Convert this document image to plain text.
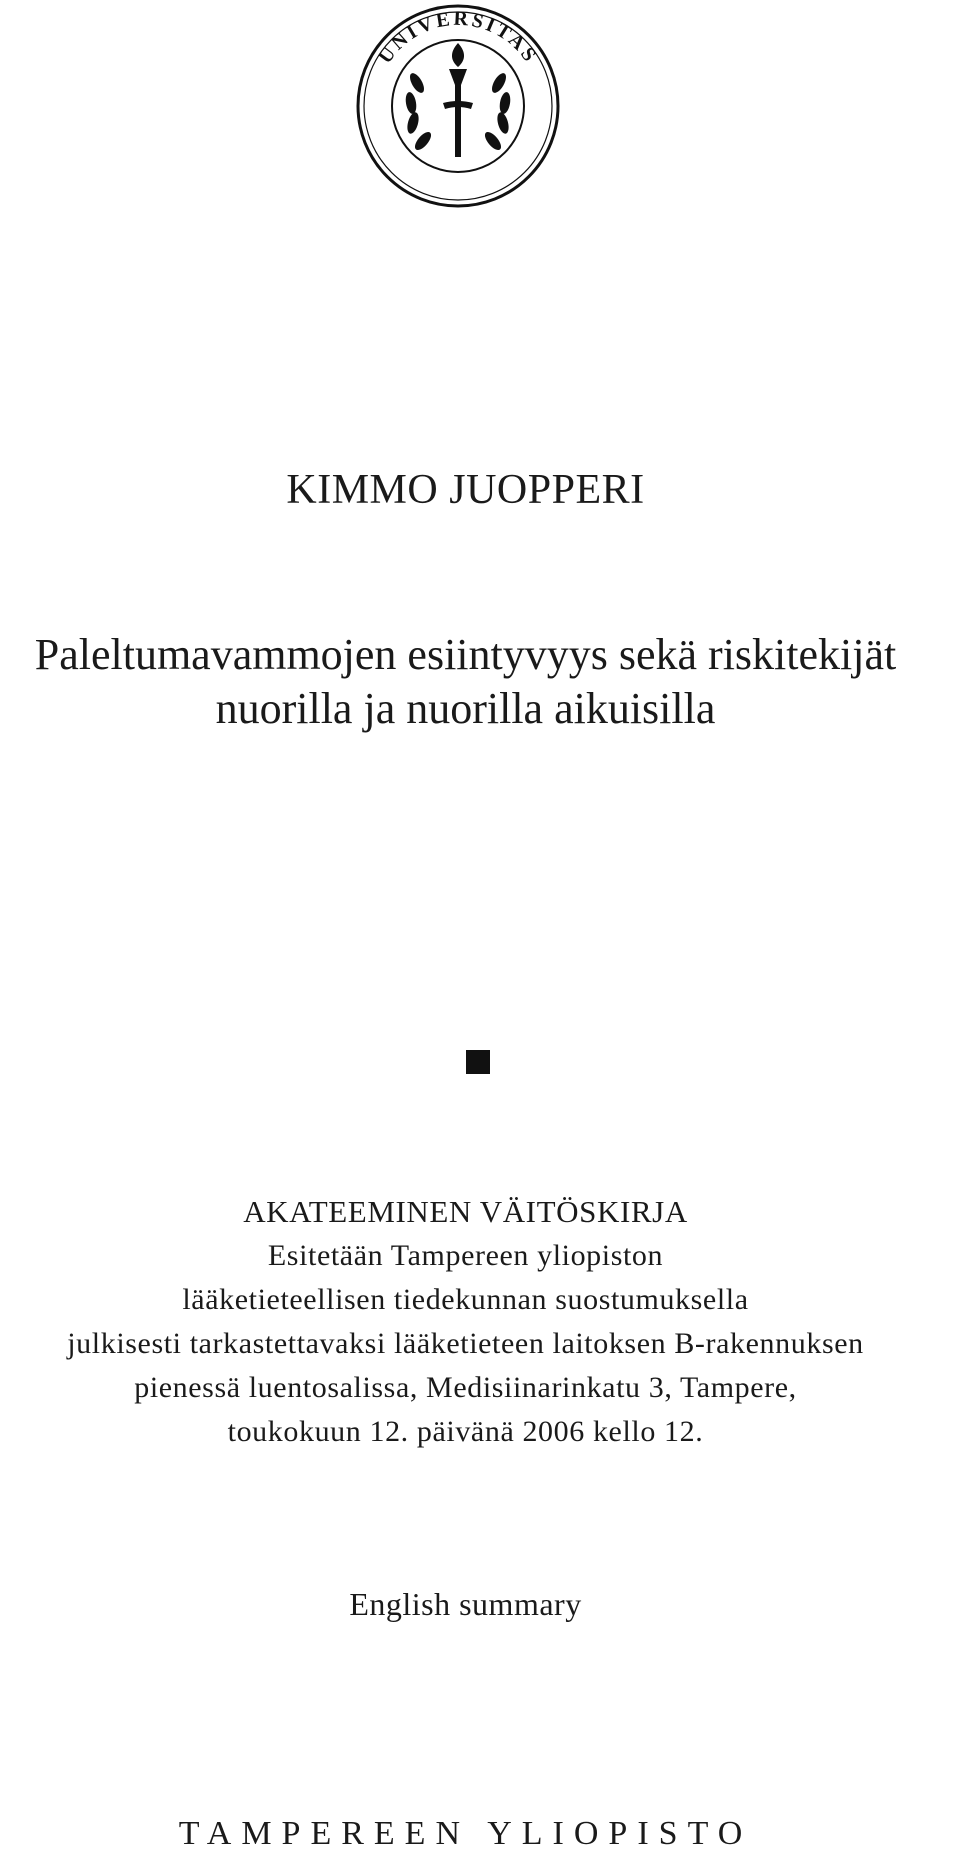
UNIVERSITAS
KIMMO JUOPPERI
Paleltumavammojen esiintyvyys sekä riskitekijät
nuorilla ja nuorilla aikuisilla
AKATEEMINEN VÄITÖSKIRJA
Esitetään Tampereen yliopiston
lääketieteellisen tiedekunnan suostumuksella
julkisesti tarkastettavaksi lääketieteen laitoksen B-rakennuksen
pienessä luentosalissa, Medisiinarinkatu 3, Tampere,
toukokuun 12. päivänä 2006 kello 12.
English summary
TAMPEREEN YLIOPISTO
